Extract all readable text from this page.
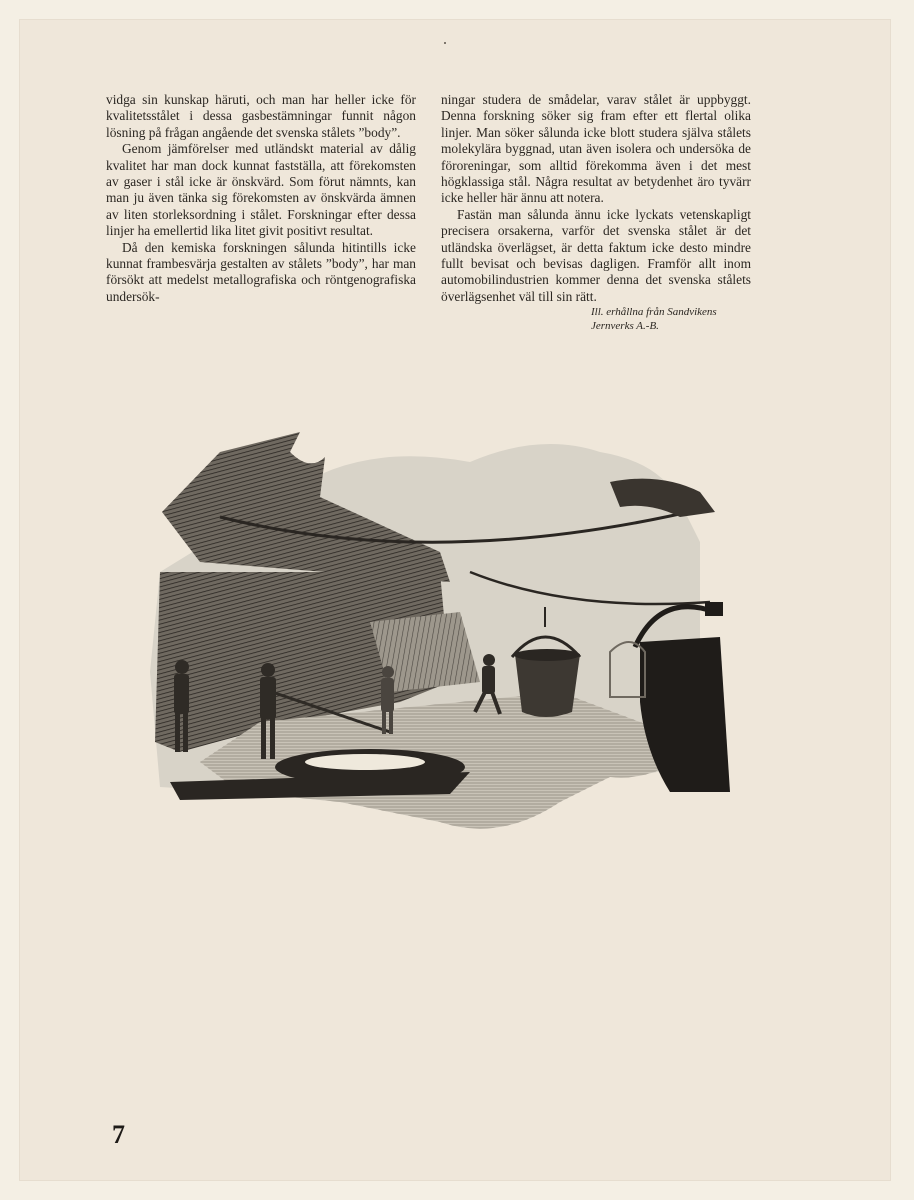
vidga sin kunskap häruti, och man har heller icke för kvalitetsstålet i dessa gasbestämningar funnit någon lösning på frågan angående det svenska stålets ”body”.

Genom jämförelser med utländskt material av dålig kvalitet har man dock kunnat fastställa, att förekomsten av gaser i stål icke är önskvärd. Som förut nämnts, kan man ju även tänka sig förekomsten av önskvärda ämnen av liten storleksordning i stålet. Forskningar efter dessa linjer ha emellertid lika litet givit positivt resultat.

Då den kemiska forskningen sålunda hitintills icke kunnat frambesvärja gestalten av stålets ”body”, har man försökt att medelst metallografiska och röntgenografiska undersök-

ningar studera de smådelar, varav stålet är uppbyggt. Denna forskning söker sig fram efter ett flertal olika linjer. Man söker sålunda icke blott studera själva stålets molekylära byggnad, utan även isolera och undersöka de föroreningar, som alltid förekomma även i det mest högklassiga stål. Några resultat av betydenhet äro tyvärr icke heller här ännu att notera.

Fastän man sålunda ännu icke lyckats vetenskapligt precisera orsakerna, varför det svenska stålet är det utländska överlägset, är detta faktum icke desto mindre fullt bevisat och bevisas dagligen. Framför allt inom automobilindustrien kommer denna det svenska stålets överlägsenhet väl till sin rätt.

Ill. erhållna från Sandvikens
Jernverks A.-B.

7
